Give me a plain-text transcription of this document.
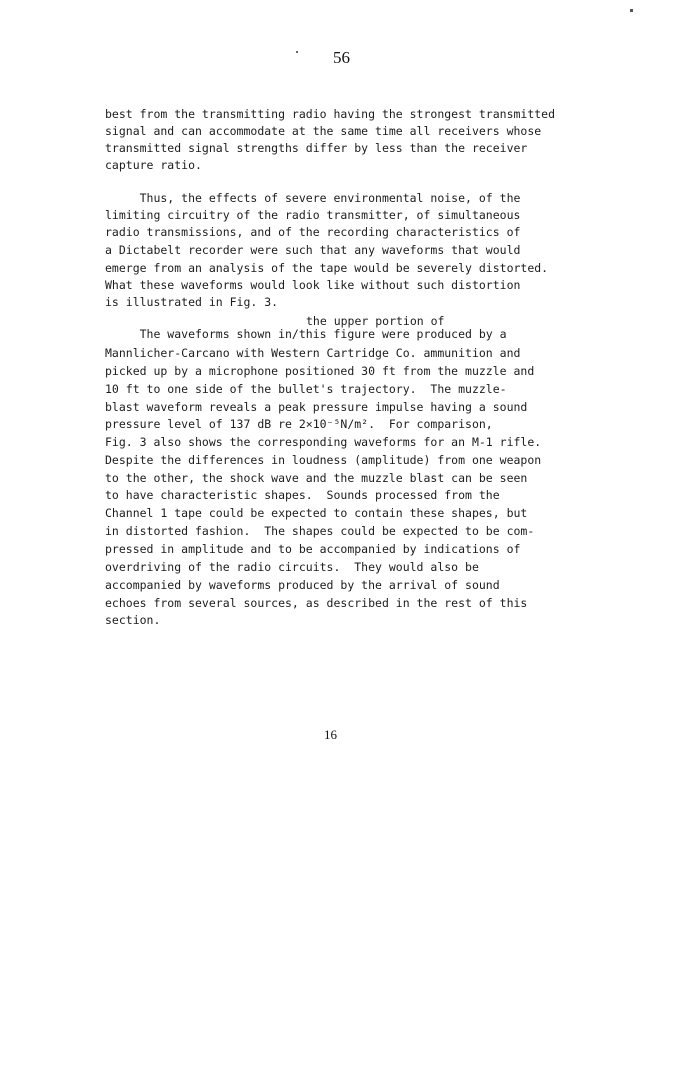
56
best from the transmitting radio having the strongest transmitted
signal and can accommodate at the same time all receivers whose
transmitted signal strengths differ by less than the receiver
capture ratio.
Thus, the effects of severe environmental noise, of the
limiting circuitry of the radio transmitter, of simultaneous
radio transmissions, and of the recording characteristics of
a Dictabelt recorder were such that any waveforms that would
emerge from an analysis of the tape would be severely distorted.
What these waveforms would look like without such distortion
is illustrated in Fig. 3.
the upper portion of
The waveforms shown in/this figure were produced by a
Mannlicher-Carcano with Western Cartridge Co. ammunition and
picked up by a microphone positioned 30 ft from the muzzle and
10 ft to one side of the bullet's trajectory.  The muzzle-
blast waveform reveals a peak pressure impulse having a sound
pressure level of 137 dB re 2×10⁻⁵N/m².  For comparison,
Fig. 3 also shows the corresponding waveforms for an M-1 rifle.
Despite the differences in loudness (amplitude) from one weapon
to the other, the shock wave and the muzzle blast can be seen
to have characteristic shapes.  Sounds processed from the
Channel 1 tape could be expected to contain these shapes, but
in distorted fashion.  The shapes could be expected to be com-
pressed in amplitude and to be accompanied by indications of
overdriving of the radio circuits.  They would also be
accompanied by waveforms produced by the arrival of sound
echoes from several sources, as described in the rest of this
section.
16
